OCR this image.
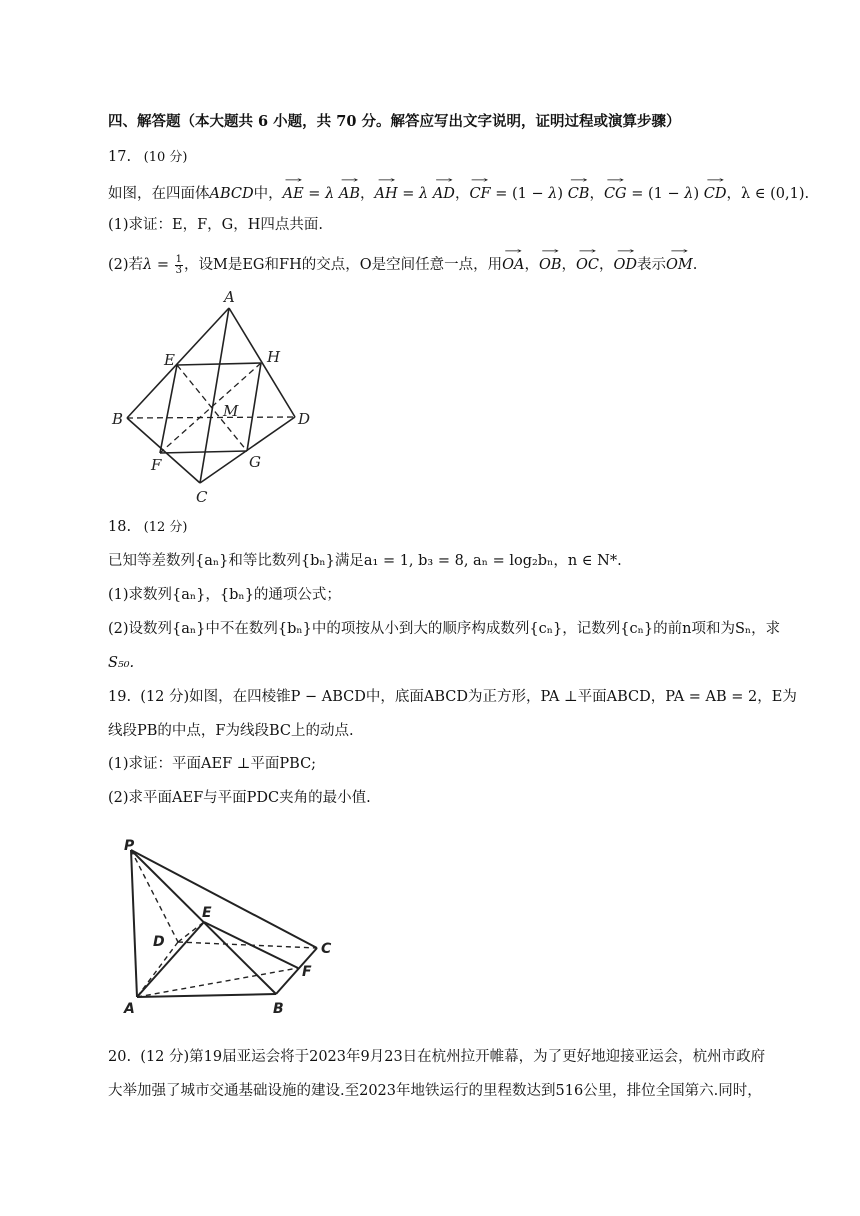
四、解答题（本大题共 6 小题，共 70 分。解答应写出文字说明，证明过程或演算步骤）
17. (10 分)
如图，在四面体ABCD中，→ AE = λ → AB，→ AH = λ → AD，→ CF = (1 − λ) → CB，→ CG = (1 − λ) → CD，λ ∈ (0,1).
(1)求证：E，F，G，H四点共面.
(2)若$\lambda = \frac{1}{3}$ ，设M是EG和FH的交点，O是空间任意一点，用→ OA，→ OB，→ OC，→ OD表示→ OM.
A
E	H
B	M	D
F	G
C
18. (12 分)
已知等差数列{aₙ}和等比数列{bₙ}满足a₁ = 1, b₃ = 8, aₙ = log₂bₙ，n ∈ N*.
(1)求数列{aₙ}，{bₙ}的通项公式；
(2)设数列{aₙ}中不在数列{bₙ}中的项按从小到大的顺序构成数列{cₙ}，记数列{cₙ}的前n项和为Sₙ，求
S₅₀.
19. (12 分)如图，在四棱锥P − ABCD中，底面ABCD为正方形，PA ⊥平面ABCD，PA = AB = 2，E为
线段PB的中点，F为线段BC上的动点.
(1)求证：平面AEF ⊥平面PBC;
(2)求平面AEF与平面PDC夹角的最小值.
P
E
D	C
F
A	B
20. (12 分)第19届亚运会将于2023年9月23日在杭州拉开帷幕，为了更好地迎接亚运会，杭州市政府
大举加强了城市交通基础设施的建设.至2023年地铁运行的里程数达到516公里，排位全国第六.同时，
